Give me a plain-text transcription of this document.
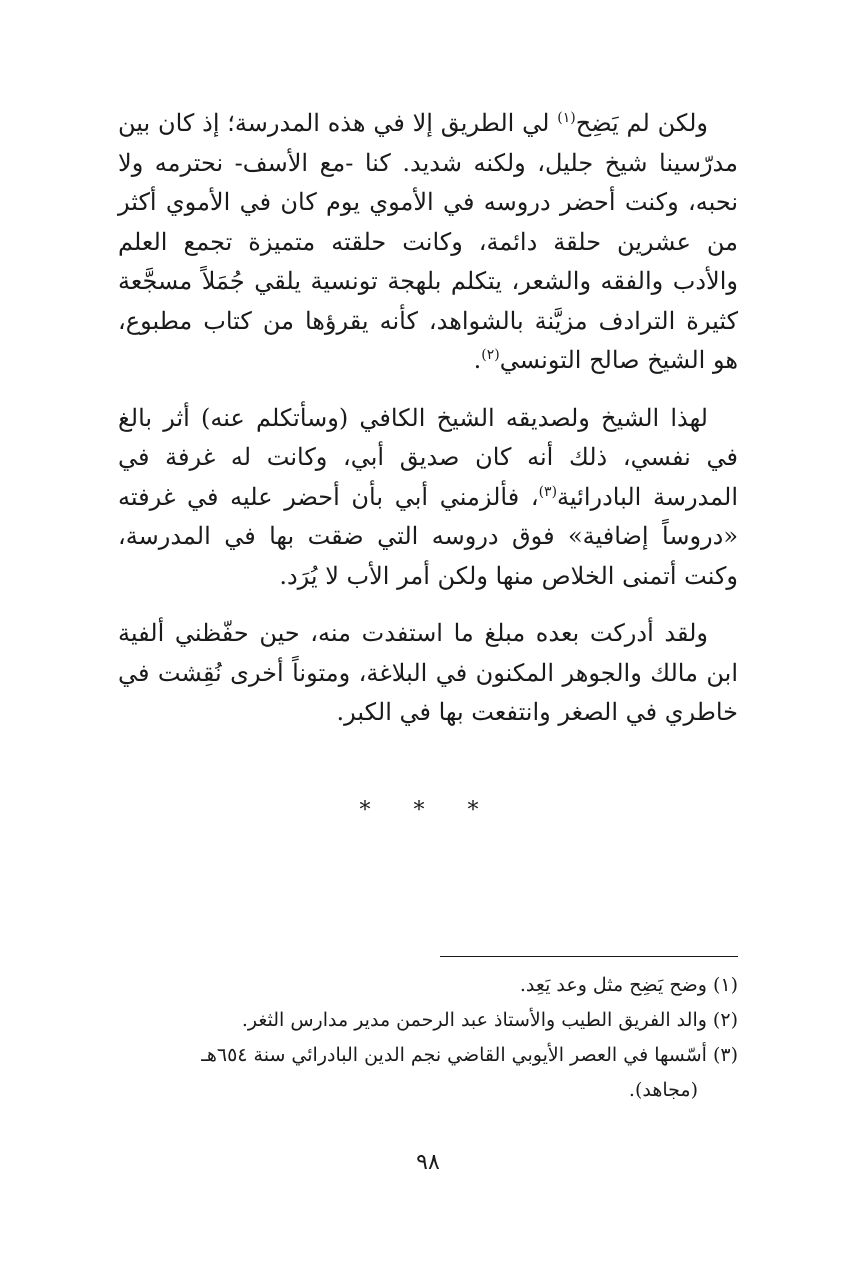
ولكن لم يَضِح$^{(١)}$ لي الطريق إلا في هذه المدرسة؛ إذ كان بين مدرّسينا شيخ جليل، ولكنه شديد. كنا -مع الأسف- نحترمه ولا نحبه، وكنت أحضر دروسه في الأموي يوم كان في الأموي أكثر من عشرين حلقة دائمة، وكانت حلقته متميزة تجمع العلم والأدب والفقه والشعر، يتكلم بلهجة تونسية يلقي جُمَلاً مسجَّعة كثيرة الترادف مزيَّنة بالشواهد، كأنه يقرؤها من كتاب مطبوع، هو الشيخ صالح التونسي$^{(٢)}$.

لهذا الشيخ ولصديقه الشيخ الكافي (وسأتكلم عنه) أثر بالغ في نفسي، ذلك أنه كان صديق أبي، وكانت له غرفة في المدرسة البادرائية$^{(٣)}$، فألزمني أبي بأن أحضر عليه في غرفته «دروساً إضافية» فوق دروسه التي ضقت بها في المدرسة، وكنت أتمنى الخلاص منها ولكن أمر الأب لا يُرَد.

ولقد أدركت بعده مبلغ ما استفدت منه، حين حفّظني ألفية ابن مالك والجوهر المكنون في البلاغة، ومتوناً أخرى نُقِشت في خاطري في الصغر وانتفعت بها في الكبر.

* * *

(١) وضح يَضِح مثل وعد يَعِد.

(٢) والد الفريق الطيب والأستاذ عبد الرحمن مدير مدارس الثغر.

(٣) أسّسها في العصر الأيوبي القاضي نجم الدين البادرائي سنة ٦٥٤هـ

(مجاهد).

٩٨
